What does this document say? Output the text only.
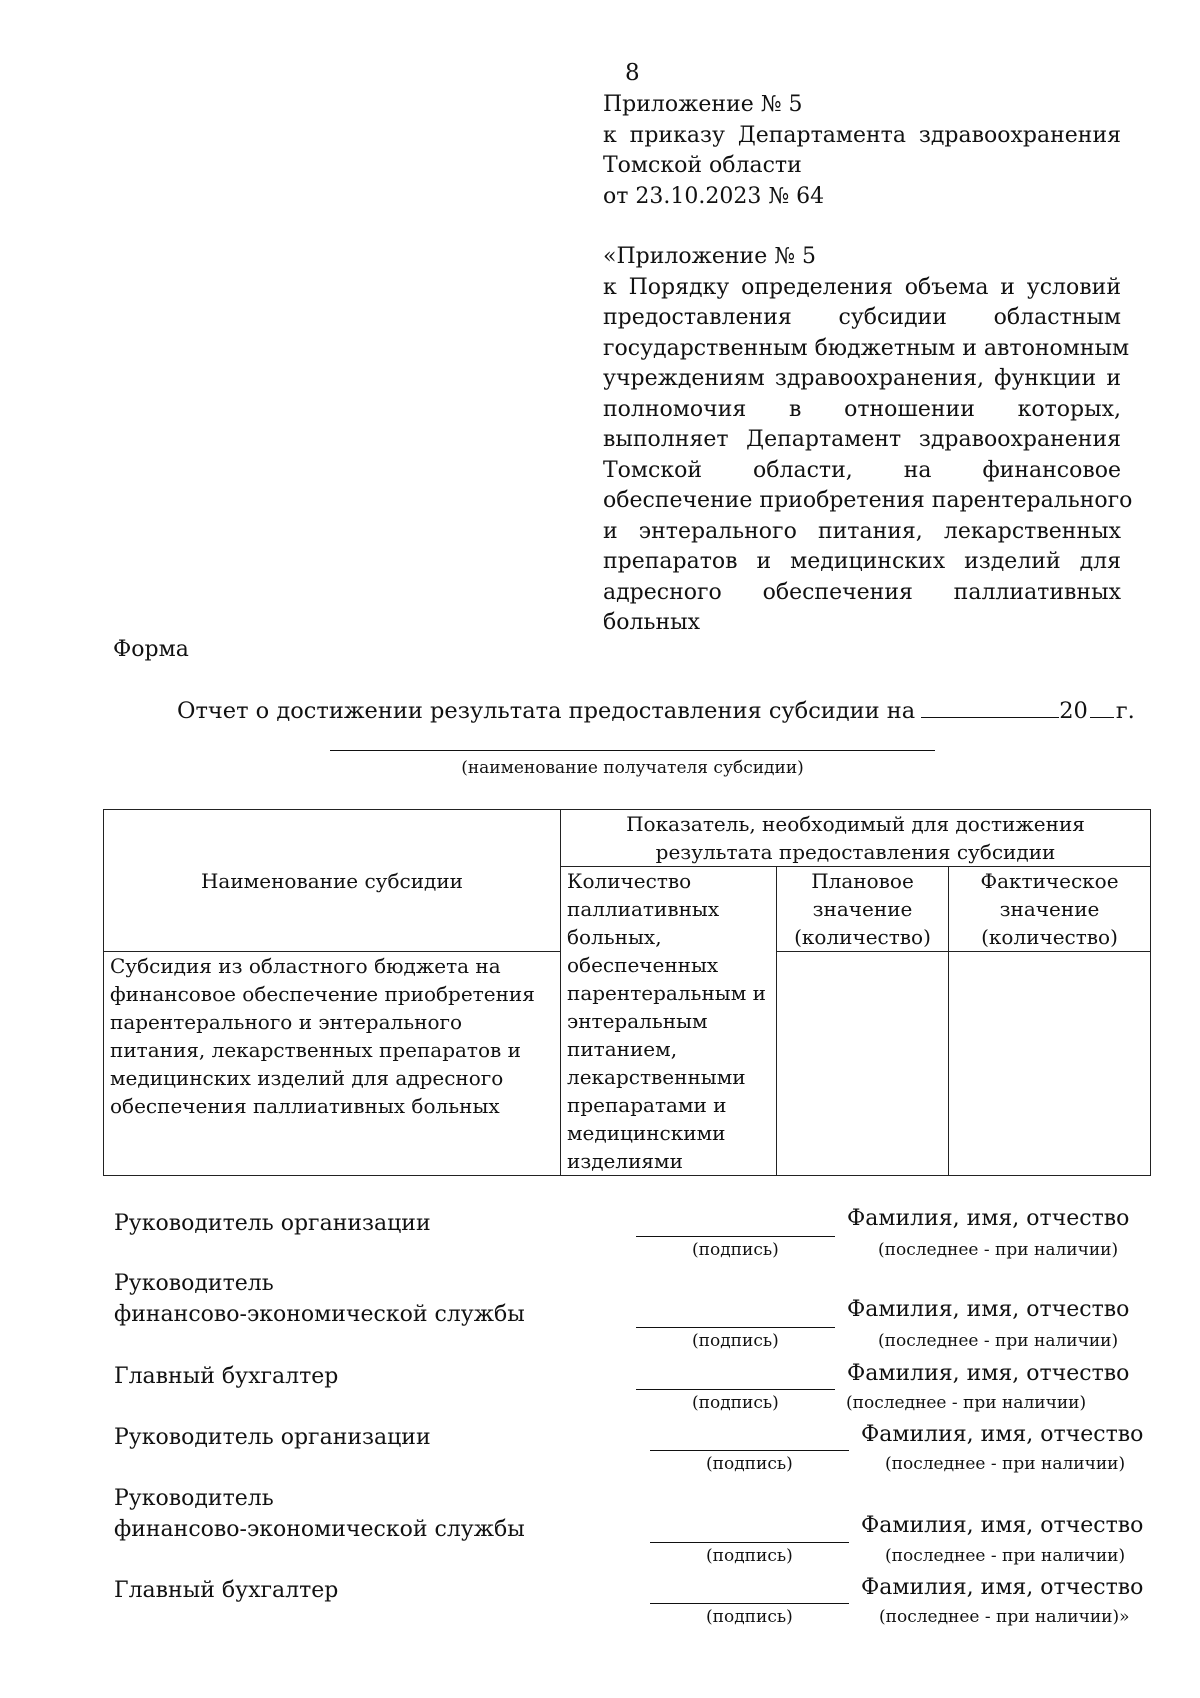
8
Приложение № 5
к приказу Департамента здравоохранения
Томской области
от 23.10.2023 № 64
«Приложение № 5
к Порядку определения объема и условий
предоставления субсидии областным
государственным бюджетным и автономным
учреждениям здравоохранения, функции и
полномочия в отношении которых,
выполняет Департамент здравоохранения
Томской области, на финансовое
обеспечение приобретения парентерального
и энтерального питания, лекарственных
препаратов и медицинских изделий для
адресного обеспечения паллиативных
больных
Форма
Отчет о достижении результата предоставления субсидии на	20 г.
(наименование получателя субсидии)
Наименование субсидии	Показатель, необходимый для достижения результата предоставления субсидии		
	Количество паллиативных больных, обеспеченных парентеральным и энтеральным питанием, лекарственными препаратами и медицинскими изделиями	Плановое значение (количество)	Фактическое значение (количество)
Субсидия из областного бюджета на финансовое обеспечение приобретения парентерального и энтерального питания, лекарственных препаратов и медицинских изделий для адресного обеспечения паллиативных больных			
Руководитель организации
(подпись)
Фамилия, имя, отчество
(последнее - при наличии)
Руководитель
финансово-экономической службы
(подпись)
Фамилия, имя, отчество
(последнее - при наличии)
Главный бухгалтер
(подпись)
Фамилия, имя, отчество
(последнее - при наличии)
Руководитель организации
(подпись)
Фамилия, имя, отчество
(последнее - при наличии)
Руководитель
финансово-экономической службы
(подпись)
Фамилия, имя, отчество
(последнее - при наличии)
Главный бухгалтер
(подпись)
Фамилия, имя, отчество
(последнее - при наличии)»
